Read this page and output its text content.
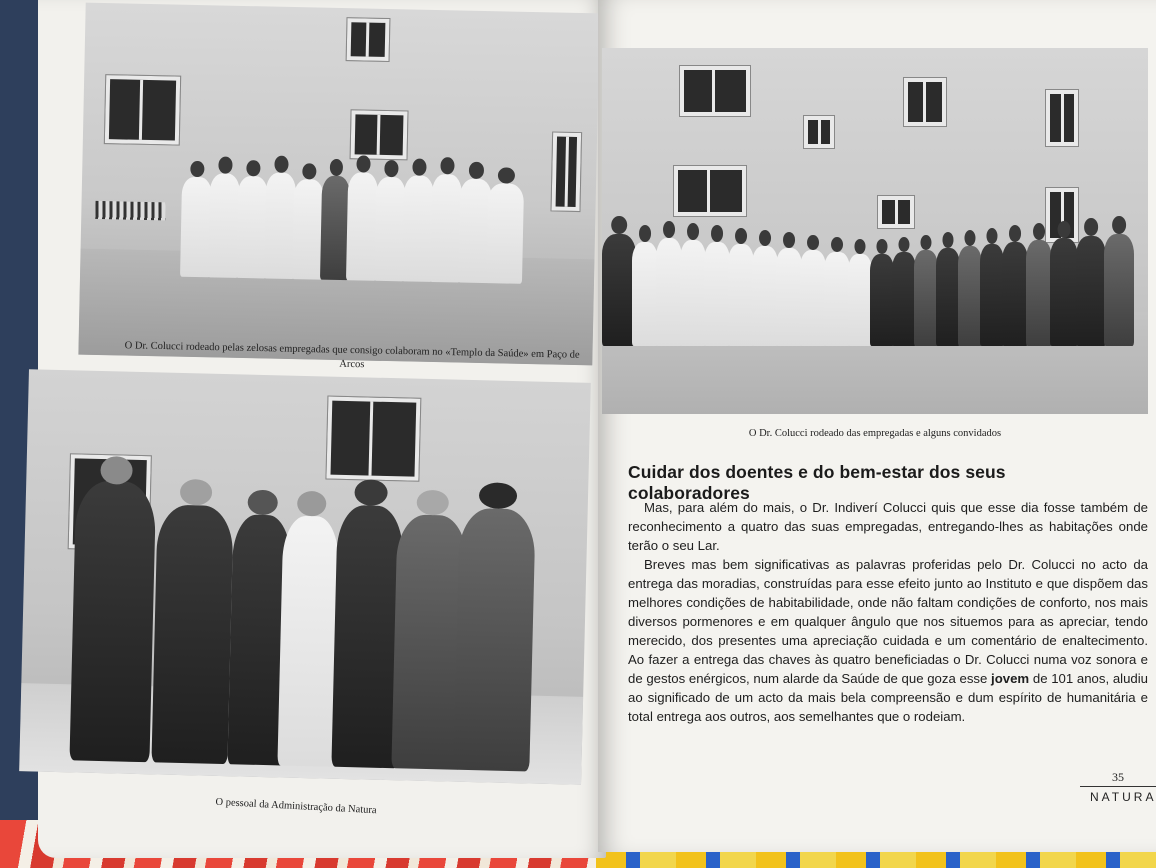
O Dr. Colucci rodeado pelas zelosas empregadas que consigo colaboram no «Templo da Saúde» em Paço de Arcos
O pessoal da Administração da Natura
O Dr. Colucci rodeado das empregadas e alguns convidados
Cuidar dos doentes e do bem-estar dos seus colaboradores

Mas, para além do mais, o Dr. Indiverí Colucci quis que esse dia fosse também de reconhecimento a quatro das suas empregadas, entregando-lhes as habitações onde terão o seu Lar.

Breves mas bem significativas as palavras proferidas pelo Dr. Colucci no acto da entrega das moradias, construídas para esse efeito junto ao Instituto e que dispõem das melhores condições de habitabilidade, onde não faltam condições de conforto, nos mais diversos pormenores e em qualquer ângulo que nos situemos para as apreciar, tendo merecido, dos presentes uma apreciação cuidada e um comentário de enaltecimento. Ao fazer a entrega das chaves às quatro beneficiadas o Dr. Colucci numa voz sonora e de gestos enérgicos, num alarde da Saúde de que goza esse jovem de 101 anos, aludiu ao significado de um acto da mais bela compreensão e dum espírito de humanitária e total entrega aos outros, aos semelhantes que o rodeiam.

35
NATURA
